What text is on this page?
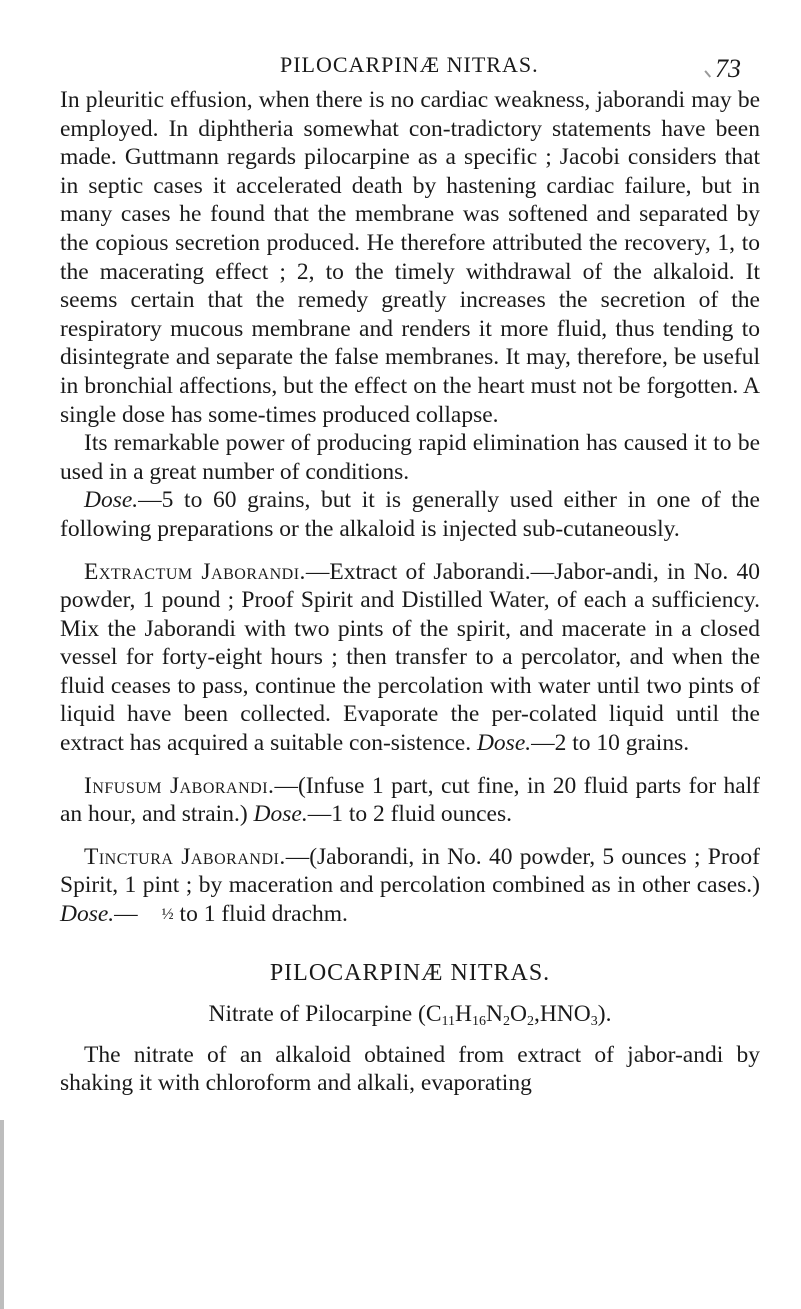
PILOCARPINÆ NITRAS.	73

In pleuritic effusion, when there is no cardiac weakness, jaborandi may be employed. In diphtheria somewhat con-tradictory statements have been made. Guttmann regards pilocarpine as a specific ; Jacobi considers that in septic cases it accelerated death by hastening cardiac failure, but in many cases he found that the membrane was softened and separated by the copious secretion produced. He therefore attributed the recovery, 1, to the macerating effect ; 2, to the timely withdrawal of the alkaloid. It seems certain that the remedy greatly increases the secretion of the respiratory mucous membrane and renders it more fluid, thus tending to disintegrate and separate the false membranes. It may, therefore, be useful in bronchial affections, but the effect on the heart must not be forgotten. A single dose has some-times produced collapse.

Its remarkable power of producing rapid elimination has caused it to be used in a great number of conditions.

Dose.—5 to 60 grains, but it is generally used either in one of the following preparations or the alkaloid is injected sub-cutaneously.

Extractum Jaborandi.—Extract of Jaborandi.—Jabor-andi, in No. 40 powder, 1 pound ; Proof Spirit and Distilled Water, of each a sufficiency. Mix the Jaborandi with two pints of the spirit, and macerate in a closed vessel for forty-eight hours ; then transfer to a percolator, and when the fluid ceases to pass, continue the percolation with water until two pints of liquid have been collected. Evaporate the per-colated liquid until the extract has acquired a suitable con-sistence. Dose.—2 to 10 grains.

Infusum Jaborandi.—(Infuse 1 part, cut fine, in 20 fluid parts for half an hour, and strain.) Dose.—1 to 2 fluid ounces.

Tinctura Jaborandi.—(Jaborandi, in No. 40 powder, 5 ounces ; Proof Spirit, 1 pint ; by maceration and percolation combined as in other cases.) Dose.— ½ to 1 fluid drachm.

PILOCARPINÆ NITRAS.
Nitrate of Pilocarpine $(C_{11}H_{16}N_2O_2,HNO_3)$.

The nitrate of an alkaloid obtained from extract of jabor-andi by shaking it with chloroform and alkali, evaporating
